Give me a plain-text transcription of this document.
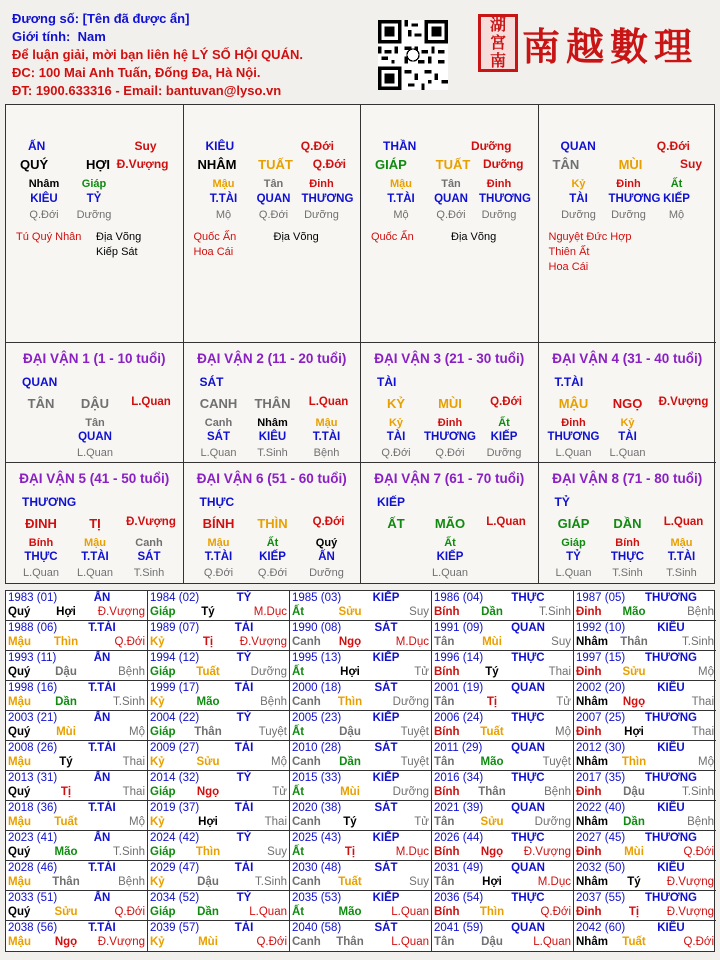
Đương số: [Tên đã được ẩn]
Giới tính: Nam
Để luận giải, mời bạn liên hệ LÝ SỐ HỘI QUÁN.
ĐC: 100 Mai Anh Tuấn, Đống Đa, Hà Nội.
ĐT: 1900.633316 - Email: bantuvan@lyso.vn
湖
宮
南 南越數理
ẤN	Suy
QUÝ	HỢI Đ.Vượng
Nhâm
KIÊU
Q.Đới
Giáp
TỶ
Dưỡng
Tú Quý Nhân Địa Võng
Kiếp Sát
KIÊU	Q.Đới
NHÂM TUẤT Q.Đới
Mậu
T.TÀI
Mộ
Tân
QUAN
Q.Đới
Đinh
THƯƠNG
Dưỡng
Quốc Ấn	Địa Võng
Hoa Cái
THẦN	Dưỡng
GIÁP TUẤT Dưỡng
Mậu
T.TÀI
Mộ
Tân
QUAN
Q.Đới
Đinh
THƯƠNG
Dưỡng
Quốc Ấn	Địa Võng
QUAN	Q.Đới
TÂN	MÙI	Suy
Kỷ
TÀI
Dưỡng
Đinh
THƯƠNG
Dưỡng
Ất
KIẾP
Mộ
Nguyệt Đức Hợp
Thiên Ất
Hoa Cái
ĐẠI VẬN 1 (1 - 10 tuổi)
QUAN
TÂN	DẬU	L.Quan
Tân
QUAN
L.Quan
ĐẠI VẬN 2 (11 - 20 tuổi)
SÁT
CANH	THÂN	L.Quan
Canh
SÁT
L.Quan
Nhâm
KIÊU
T.Sinh
Mậu
T.TÀI
Bệnh
ĐẠI VẬN 3 (21 - 30 tuổi)
TÀI
KỶ	MÙI	Q.Đới
Kỷ
TÀI
Q.Đới
Đinh
THƯƠNG
Q.Đới
Ất
KIẾP
Dưỡng
ĐẠI VẬN 4 (31 - 40 tuổi)
T.TÀI
MẬU	NGỌ	Đ.Vượng
Đinh
THƯƠNG
L.Quan
Kỷ
TÀI
L.Quan
ĐẠI VẬN 5 (41 - 50 tuổi)
THƯƠNG
ĐINH	TỊ	Đ.Vượng
Bính
THỰC
L.Quan
Mậu
T.TÀI
L.Quan
Canh
SÁT
T.Sinh
ĐẠI VẬN 6 (51 - 60 tuổi)
THỰC
BÍNH	THÌN	Q.Đới
Mậu
T.TÀI
Q.Đới
Ất
KIẾP
Q.Đới
Quý
ẤN
Dưỡng
ĐẠI VẬN 7 (61 - 70 tuổi)
KIẾP
ẤT	MÃO	L.Quan
Ất
KIẾP
L.Quan
ĐẠI VẬN 8 (71 - 80 tuổi)
TỶ
GIÁP	DẦN	L.Quan
Giáp
TỶ
L.Quan
Bính
THỰC
T.Sinh
Mậu
T.TÀI
T.Sinh
1983 (01)	ẤN
Quý	Hợi	Đ.Vượng
1984 (02)	TỶ
Giáp	Tý	M.Dục
1985 (03)	KIẾP
Ất	Sửu	Suy
1986 (04)	THỰC
Bính	Dần	T.Sinh
1987 (05)	THƯƠNG
Đinh	Mão	Bệnh
1988 (06)	T.TÀI
Mậu	Thìn	Q.Đới
1989 (07)	TÀI
Kỷ	Tị	Đ.Vượng
1990 (08)	SÁT
Canh	Ngọ	M.Dục
1991 (09)	QUAN
Tân	Mùi	Suy
1992 (10)	KIÊU
Nhâm	Thân	T.Sinh
1993 (11)	ẤN
Quý	Dậu	Bệnh
1994 (12)	TỶ
Giáp	Tuất	Dưỡng
1995 (13)	KIẾP
Ất	Hợi	Tử
1996 (14)	THỰC
Bính	Tý	Thai
1997 (15)	THƯƠNG
Đinh	Sửu	Mộ
1998 (16)	T.TÀI
Mậu	Dần	T.Sinh
1999 (17)	TÀI
Kỷ	Mão	Bệnh
2000 (18)	SÁT
Canh	Thìn	Dưỡng
2001 (19)	QUAN
Tân	Tị	Tử
2002 (20)	KIÊU
Nhâm	Ngọ	Thai
2003 (21)	ẤN
Quý	Mùi	Mộ
2004 (22)	TỶ
Giáp	Thân	Tuyệt
2005 (23)	KIẾP
Ất	Dậu	Tuyệt
2006 (24)	THỰC
Bính	Tuất	Mộ
2007 (25)	THƯƠNG
Đinh	Hợi	Thai
2008 (26)	T.TÀI
Mậu	Tý	Thai
2009 (27)	TÀI
Kỷ	Sửu	Mộ
2010 (28)	SÁT
Canh	Dần	Tuyệt
2011 (29)	QUAN
Tân	Mão	Tuyệt
2012 (30)	KIÊU
Nhâm	Thìn	Mộ
2013 (31)	ẤN
Quý	Tị	Thai
2014 (32)	TỶ
Giáp	Ngọ	Tử
2015 (33)	KIẾP
Ất	Mùi	Dưỡng
2016 (34)	THỰC
Bính	Thân	Bệnh
2017 (35)	THƯƠNG
Đinh	Dậu	T.Sinh
2018 (36)	T.TÀI
Mậu	Tuất	Mộ
2019 (37)	TÀI
Kỷ	Hợi	Thai
2020 (38)	SÁT
Canh	Tý	Tử
2021 (39)	QUAN
Tân	Sửu	Dưỡng
2022 (40)	KIÊU
Nhâm	Dần	Bệnh
2023 (41)	ẤN
Quý	Mão	T.Sinh
2024 (42)	TỶ
Giáp	Thìn	Suy
2025 (43)	KIẾP
Ất	Tị	M.Dục
2026 (44)	THỰC
Bính	Ngọ	Đ.Vượng
2027 (45)	THƯƠNG
Đinh	Mùi	Q.Đới
2028 (46)	T.TÀI
Mậu	Thân	Bệnh
2029 (47)	TÀI
Kỷ	Dậu	T.Sinh
2030 (48)	SÁT
Canh	Tuất	Suy
2031 (49)	QUAN
Tân	Hợi	M.Dục
2032 (50)	KIÊU
Nhâm	Tý	Đ.Vượng
2033 (51)	ẤN
Quý	Sửu	Q.Đới
2034 (52)	TỶ
Giáp	Dần	L.Quan
2035 (53)	KIẾP
Ất	Mão	L.Quan
2036 (54)	THỰC
Bính	Thìn	Q.Đới
2037 (55)	THƯƠNG
Đinh	Tị	Đ.Vượng
2038 (56)	T.TÀI
Mậu	Ngọ	Đ.Vượng
2039 (57)	TÀI
Kỷ	Mùi	Q.Đới
2040 (58)	SÁT
Canh	Thân	L.Quan
2041 (59)	QUAN
Tân	Dậu	L.Quan
2042 (60)	KIÊU
Nhâm	Tuất	Q.Đới
